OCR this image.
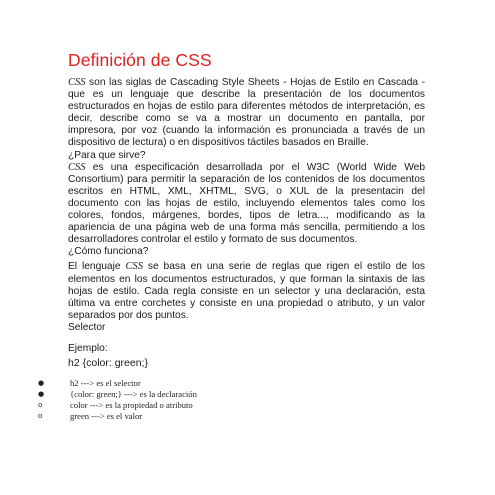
Definición de CSS

CSS son las siglas de Cascading Style Sheets - Hojas de Estilo en Cascada - que es un lenguaje que describe la presentación de los documentos estructurados en hojas de estilo para diferentes métodos de interpretación, es decir, describe como se va a mostrar un documento en pantalla, por impresora, por voz (cuando la información es pronunciada a través de un dispositivo de lectura) o en dispositivos táctiles basados en Braille.

¿Para que sirve?

CSS es una especificación desarrollada por el W3C (World Wide Web Consortium) para permitir la separación de los contenidos de los documentos escritos en HTML, XML, XHTML, SVG, o XUL de la presentacin del documento con las hojas de estilo, incluyendo elementos tales como los colores, fondos, márgenes, bordes, tipos de letra..., modificando as la apariencia de una página web de una forma más sencilla, permitiendo a los desarrolladores controlar el estilo y formato de sus documentos.

¿Cómo funciona?

El lenguaje CSS se basa en una serie de reglas que rigen el estilo de los elementos en los documentos estructurados, y que forman la sintaxis de las hojas de estilo. Cada regla consiste en un selector y una declaración, esta última va entre corchetes y consiste en una propiedad o atributo, y un valor separados por dos puntos.

Selector
Ejemplo:
h2 {color: green;}
●	h2 ---> es el selector
●	{color: green;} ---> es la declaración
o	color ---> es la propiedad o atributo
o	green ---> es el valor
